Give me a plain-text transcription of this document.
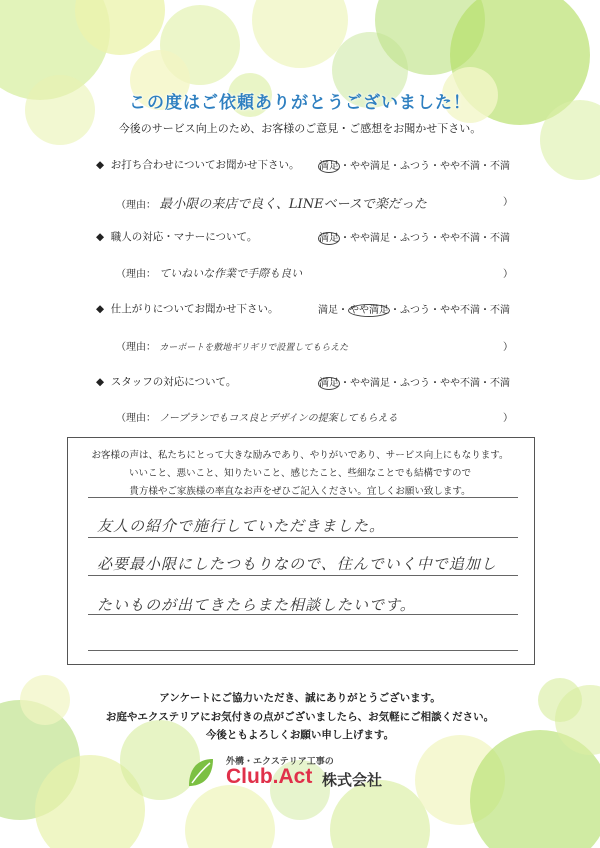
この度はご依頼ありがとうございました！
今後のサービス向上のため、お客様のご意見・ご感想をお聞かせ下さい。
◆  お打ち合わせについてお聞かせ下さい。 満足・やや満足・ふつう・やや不満・不満
（理由： 最小限の来店で良く、LINEベースで楽だった	）
◆  職人の対応・マナーについて。	満足・やや満足・ふつう・やや不満・不満
（理由： ていねいな作業で手際も良い	）
◆  仕上がりについてお聞かせ下さい。	満足・やや満足・ふつう・やや不満・不満
（理由： カーポートを敷地ギリギリで設置してもらえた	）
◆  スタッフの対応について。	満足・やや満足・ふつう・やや不満・不満
（理由： ノープランでもコス良とデザインの提案してもらえる	）
お客様の声は、私たちにとって大きな励みであり、やりがいであり、サービス向上にもなります。
いいこと、悪いこと、知りたいこと、感じたこと、些細なことでも結構ですので
貴方様やご家族様の率直なお声をぜひご記入ください。宜しくお願い致します。
友人の紹介で施行していただきました。
必要最小限にしたつもりなので、住んでいく中で追加し
たいものが出てきたらまた相談したいです。
アンケートにご協力いただき、誠にありがとうございます。
お庭やエクステリアにお気付きの点がございましたら、お気軽にご相談ください。
今後ともよろしくお願い申し上げます。
外構・エクステリア工事の
Club.Act 株式会社
